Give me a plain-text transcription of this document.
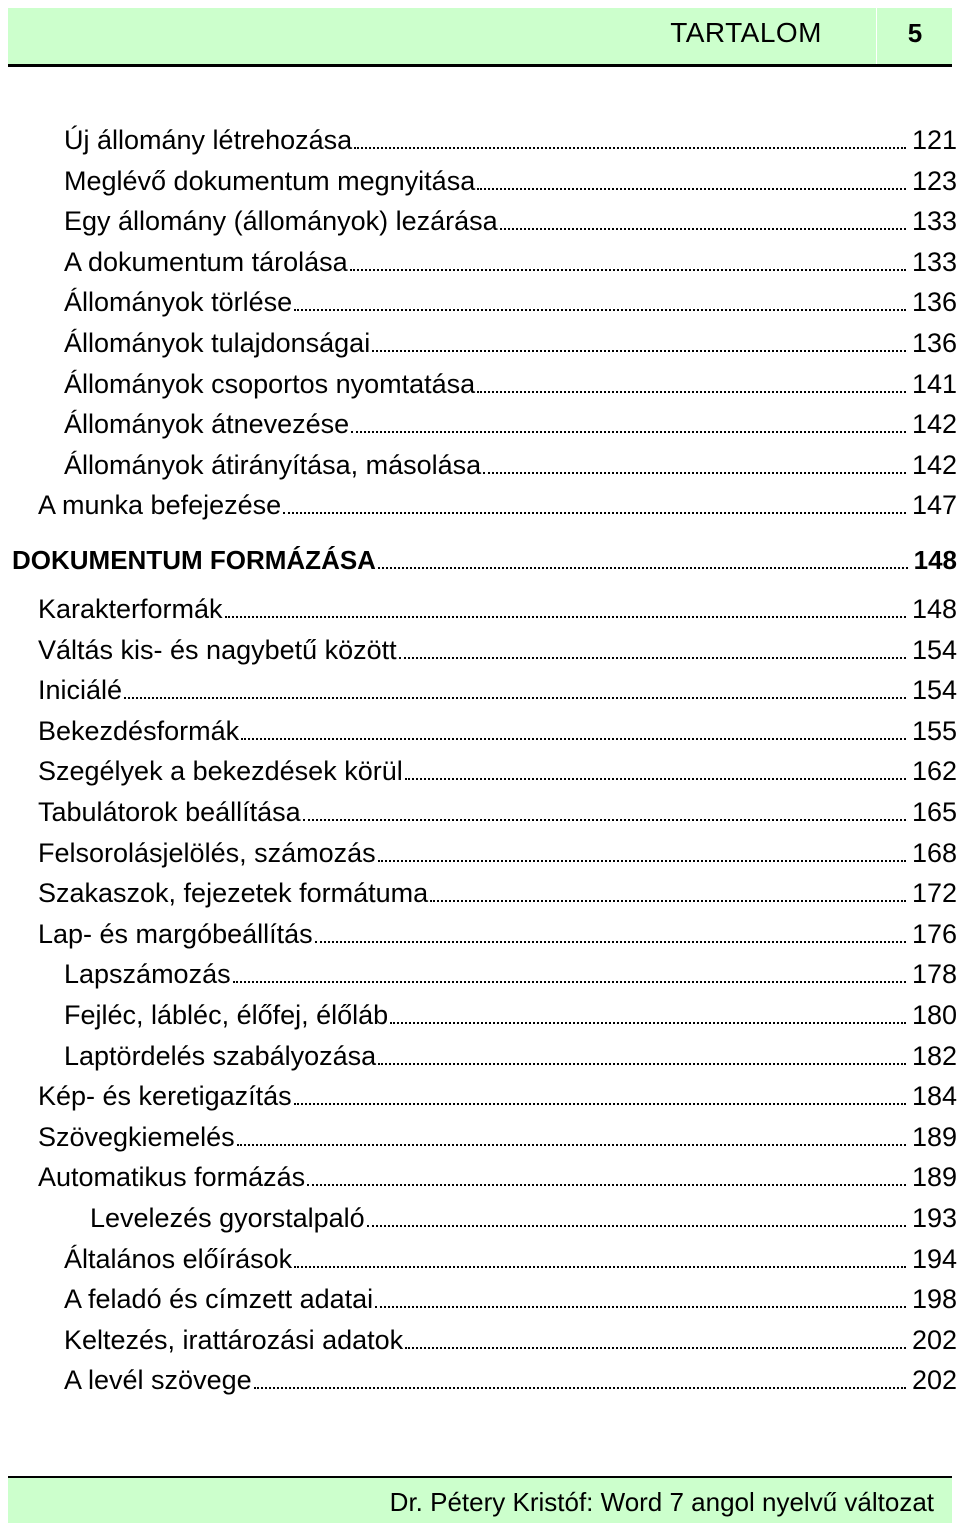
TARTALOM	5
Új állomány létrehozása	121
Meglévő dokumentum megnyitása	123
Egy állomány (állományok) lezárása	133
A dokumentum tárolása	133
Állományok törlése	136
Állományok tulajdonságai	136
Állományok csoportos nyomtatása	141
Állományok átnevezése	142
Állományok átirányítása, másolása	142
A munka befejezése	147
DOKUMENTUM FORMÁZÁSA	148
Karakterformák	148
Váltás kis- és nagybetű között	154
Iniciálé	154
Bekezdésformák	155
Szegélyek a bekezdések körül	162
Tabulátorok beállítása	165
Felsorolásjelölés, számozás	168
Szakaszok, fejezetek formátuma	172
Lap- és margóbeállítás	176
Lapszámozás	178
Fejléc, lábléc, élőfej, élőláb	180
Laptördelés szabályozása	182
Kép- és keretigazítás	184
Szövegkiemelés	189
Automatikus formázás	189
Levelezés gyorstalpaló	193
Általános előírások	194
A feladó és címzett adatai	198
Keltezés, irattározási adatok	202
A levél szövege	202
Dr. Pétery Kristóf: Word 7 angol nyelvű változat
